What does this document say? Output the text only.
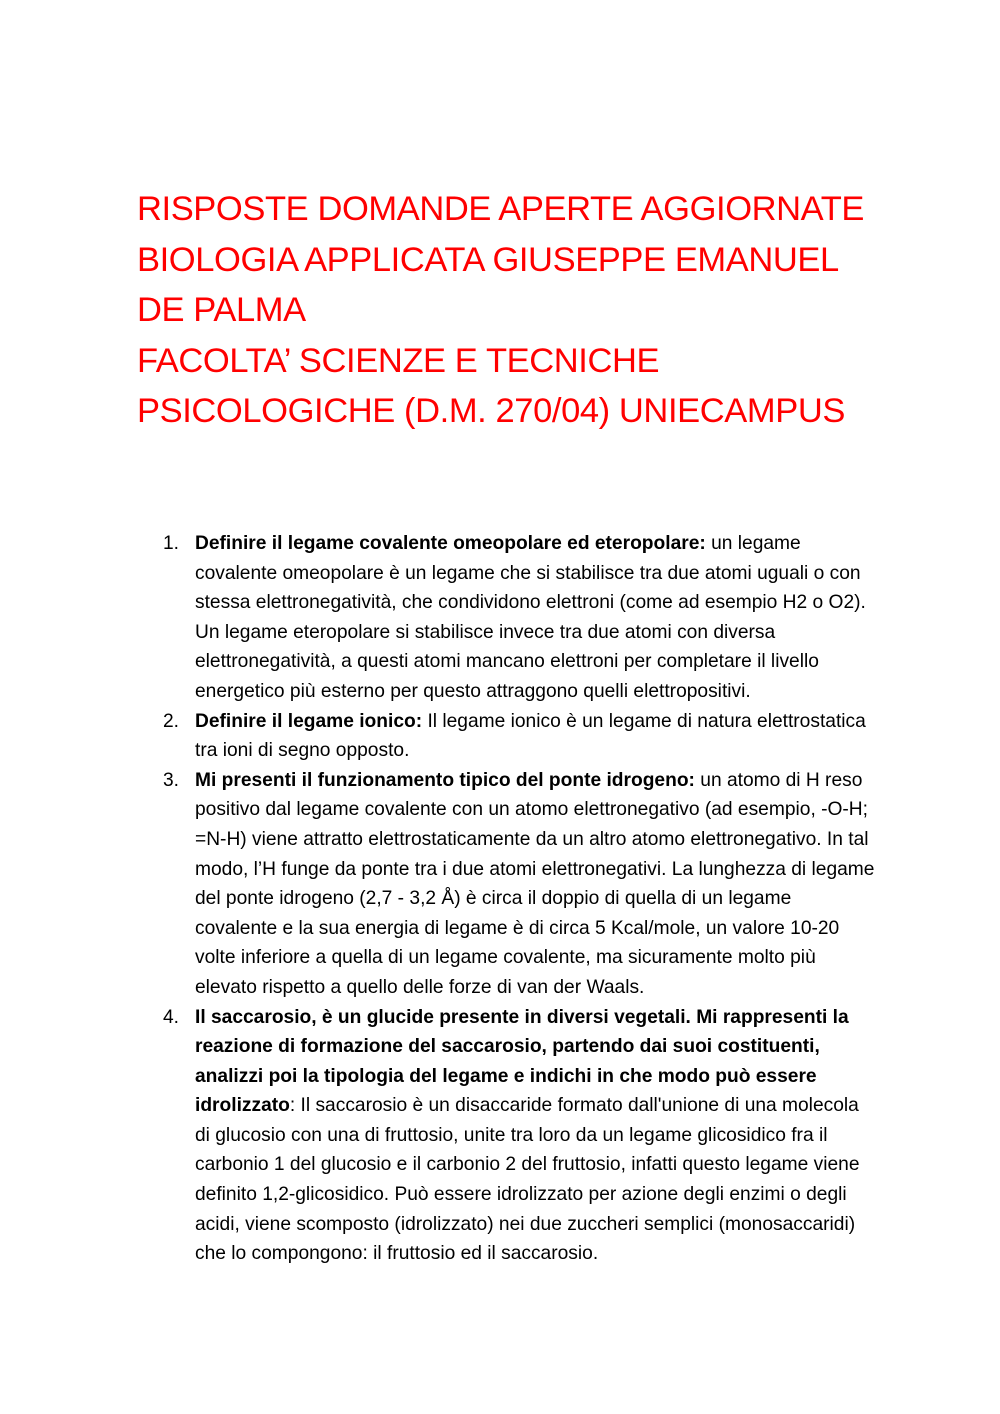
RISPOSTE DOMANDE APERTE AGGIORNATE
BIOLOGIA APPLICATA GIUSEPPE EMANUEL
DE PALMA
FACOLTA’ SCIENZE E TECNICHE
PSICOLOGICHE (D.M. 270/04) UNIECAMPUS
1. Definire il legame covalente omeopolare ed eteropolare: un legame covalente omeopolare è un legame che si stabilisce tra due atomi uguali o con stessa elettronegatività, che condividono elettroni (come ad esempio H2 o O2). Un legame eteropolare si stabilisce invece tra due atomi con diversa elettronegatività, a questi atomi mancano elettroni per completare il livello energetico più esterno per questo attraggono quelli elettropositivi.
2. Definire il legame ionico: Il legame ionico è un legame di natura elettrostatica tra ioni di segno opposto.
3. Mi presenti il funzionamento tipico del ponte idrogeno: un atomo di H reso positivo dal legame covalente con un atomo elettronegativo (ad esempio, -O-H; =N-H) viene attratto elettrostaticamente da un altro atomo elettronegativo. In tal modo, l’H funge da ponte tra i due atomi elettronegativi. La lunghezza di legame del ponte idrogeno (2,7 - 3,2 Å) è circa il doppio di quella di un legame covalente e la sua energia di legame è di circa 5 Kcal/mole, un valore 10-20 volte inferiore a quella di un legame covalente, ma sicuramente molto più elevato rispetto a quello delle forze di van der Waals.
4. Il saccarosio, è un glucide presente in diversi vegetali. Mi rappresenti la reazione di formazione del saccarosio, partendo dai suoi costituenti, analizzi poi la tipologia del legame e indichi in che modo può essere idrolizzato: Il saccarosio è un disaccaride formato dall'unione di una molecola di glucosio con una di fruttosio, unite tra loro da un legame glicosidico fra il carbonio 1 del glucosio e il carbonio 2 del fruttosio, infatti questo legame viene definito 1,2-glicosidico. Può essere idrolizzato per azione degli enzimi o degli acidi, viene scomposto (idrolizzato) nei due zuccheri semplici (monosaccaridi) che lo compongono: il fruttosio ed il saccarosio.
